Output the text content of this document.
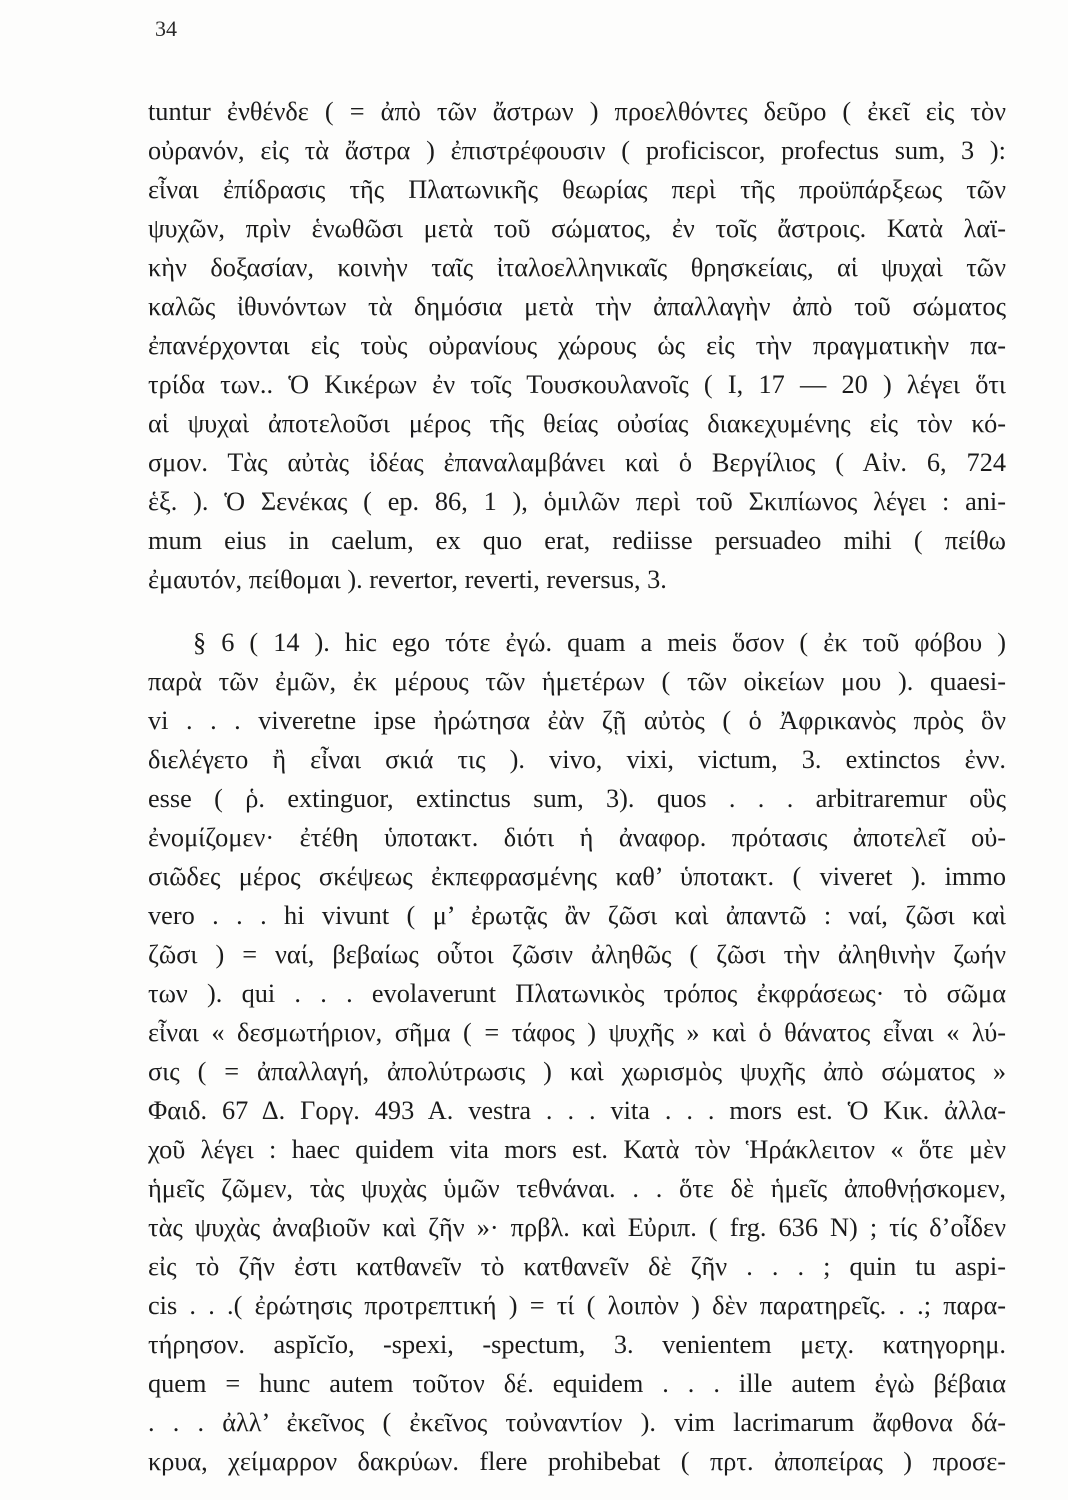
34
tuntur ἐνθένδε ( = ἀπὸ τῶν ἄστρων ) προελθόντες δεῦρο ( ἐκεῖ εἰς τὸν
οὐρανόν, εἰς τὰ ἄστρα ) ἐπιστρέφουσιν ( proficiscor, profectus sum, 3 ):
εἶναι ἐπίδρασις τῆς Πλατωνικῆς θεωρίας περὶ τῆς προϋπάρξεως τῶν
ψυχῶν, πρὶν ἑνωθῶσι μετὰ τοῦ σώματος, ἐν τοῖς ἄστροις. Κατὰ λαϊ-
κὴν δοξασίαν, κοινὴν ταῖς ἰταλοελληνικαῖς θρησκείαις, αἱ ψυχαὶ τῶν
καλῶς ἰθυνόντων τὰ δημόσια μετὰ τὴν ἀπαλλαγὴν ἀπὸ τοῦ σώματος
ἐπανέρχονται εἰς τοὺς οὐρανίους χώρους ὡς εἰς τὴν πραγματικὴν πα-
τρίδα των.. Ὁ Κικέρων ἐν τοῖς Τουσκουλανοῖς ( I, 17 — 20 ) λέγει ὅτι
αἱ ψυχαὶ ἀποτελοῦσι μέρος τῆς θείας οὐσίας διακεχυμένης εἰς τὸν κό-
σμον. Τὰς αὐτὰς ἰδέας ἐπαναλαμβάνει καὶ ὁ Βεργίλιος ( Αἰν. 6, 724
ἑξ. ). Ὁ Σενέκας ( ep. 86, 1 ), ὁμιλῶν περὶ τοῦ Σκιπίωνος λέγει : ani-
mum eius in caelum, ex quo erat, rediisse persuadeo mihi ( πείθω
ἐμαυτόν, πείθομαι ). revertor, reverti, reversus, 3.
§ 6 ( 14 ). hic ego τότε ἐγώ. quam a meis ὅσον ( ἐκ τοῦ φόβου )
παρὰ τῶν ἐμῶν, ἐκ μέρους τῶν ἡμετέρων ( τῶν οἰκείων μου ). quaesi-
vi . . . viveretne ipse ἠρώτησα ἐὰν ζῇ αὐτὸς ( ὁ Ἀφρικανὸς πρὸς ὃν
διελέγετο ἢ εἶναι σκιά τις ). vivo, vixi, victum, 3. extinctos ἐνν.
esse ( ῥ. extinguor, extinctus sum, 3). quos . . . arbitraremur οὓς
ἐνομίζομεν· ἐτέθη ὑποτακτ. διότι ἡ ἀναφορ. πρότασις ἀποτελεῖ οὐ-
σιῶδες μέρος σκέψεως ἐκπεφρασμένης καθ’ ὑποτακτ. ( viveret ). immo
vero . . . hi vivunt ( μ’ ἐρωτᾷς ἂν ζῶσι καὶ ἀπαντῶ : ναί, ζῶσι καὶ
ζῶσι ) = ναί, βεβαίως οὗτοι ζῶσιν ἀληθῶς ( ζῶσι τὴν ἀληθινὴν ζωήν
των ). qui . . . evolaverunt Πλατωνικὸς τρόπος ἐκφράσεως· τὸ σῶμα
εἶναι « δεσμωτήριον, σῆμα ( = τάφος ) ψυχῆς » καὶ ὁ θάνατος εἶναι « λύ-
σις ( = ἀπαλλαγή, ἀπολύτρωσις ) καὶ χωρισμὸς ψυχῆς ἀπὸ σώματος »
Φαιδ. 67 Δ. Γοργ. 493 Α. vestra . . . vita . . . mors est. Ὁ Κικ. ἀλλα-
χοῦ λέγει : haec quidem vita mors est. Κατὰ τὸν Ἡράκλειτον « ὅτε μὲν
ἡμεῖς ζῶμεν, τὰς ψυχὰς ὑμῶν τεθνάναι. . . ὅτε δὲ ἡμεῖς ἀποθνῄσκομεν,
τὰς ψυχὰς ἀναβιοῦν καὶ ζῆν »· πρβλ. καὶ Εὐριπ. ( frg. 636 N) ; τίς δ’οἶδεν
εἰς τὸ ζῆν ἐστι κατθανεῖν τὸ κατθανεῖν δὲ ζῆν . . . ; quin tu aspi-
cis . . .( ἐρώτησις προτρεπτική ) = τί ( λοιπὸν ) δὲν παρατηρεῖς. . .; παρα-
τήρησον. aspĭcĭo, -spexi, -spectum, 3. venientem μετχ. κατηγορημ.
quem = hunc autem τοῦτον δέ. equidem . . . ille autem ἐγὼ βέβαια
. . . ἀλλ’ ἐκεῖνος ( ἐκεῖνος τοὐναντίον ). vim lacrimarum ἄφθονα δά-
κρυα, χείμαρρον δακρύων. flere prohibebat ( πρτ. ἀποπείρας ) προσε-
